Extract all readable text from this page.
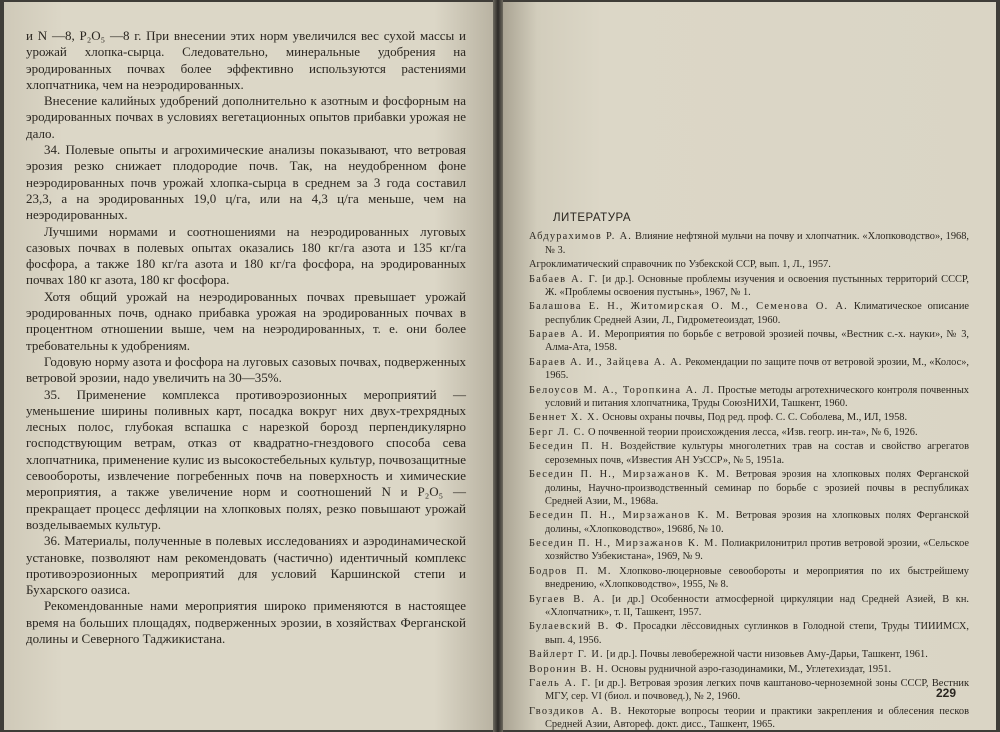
и N —8, P₂O₅ —8 г. При внесении этих норм увеличился вес сухой массы и урожай хлопка-сырца. Следовательно, минеральные удобрения на эродированных почвах более эффективно используются растениями хлопчатника, чем на неэродированных.

Внесение калийных удобрений дополнительно к азотным и фосфорным на эродированных почвах в условиях вегетационных опытов прибавки урожая не дало.

34. Полевые опыты и агрохимические анализы показывают, что ветровая эрозия резко снижает плодородие почв. Так, на неудобренном фоне неэродированных почв урожай хлопка-сырца в среднем за 3 года составил 23,3, а на эродированных 19,0 ц/га, или на 4,3 ц/га меньше, чем на неэродированных.

Лучшими нормами и соотношениями на неэродированных луговых сазовых почвах в полевых опытах оказались 180 кг/га азота и 135 кг/га фосфора, а также 180 кг/га азота и 180 кг/га фосфора, на эродированных почвах 180 кг азота, 180 кг фосфора.

Хотя общий урожай на неэродированных почвах превышает урожай эродированных почв, однако прибавка урожая на эродированных почвах в процентном отношении выше, чем на неэродированных, т. е. они более требовательны к удобрениям.

Годовую норму азота и фосфора на луговых сазовых почвах, подверженных ветровой эрозии, надо увеличить на 30—35%.

35. Применение комплекса противоэрозионных мероприятий — уменьшение ширины поливных карт, посадка вокруг них двух-трехрядных лесных полос, глубокая вспашка с нарезкой борозд перпендикулярно господствующим ветрам, отказ от квадратно-гнездового способа сева хлопчатника, применение кулис из высокостебельных культур, почвозащитные севообороты, извлечение погребенных почв на поверхность и химические мероприятия, а также увеличение норм и соотношений N и P₂O₅ — прекращает процесс дефляции на хлопковых полях, резко повышают урожай возделываемых культур.

36. Материалы, полученные в полевых исследованиях и аэродинамической установке, позволяют нам рекомендовать (частично) идентичный комплекс противоэрозионных мероприятий для условий Каршинской степи и Бухарского оазиса.

Рекомендованные нами мероприятия широко применяются в настоящее время на больших площадях, подверженных эрозии, в хозяйствах Ферганской долины и Северного Таджикистана.

ЛИТЕРАТУРА
Абдурахимов Р. А. Влияние нефтяной мульчи на почву и хлопчатник. «Хлопководство», 1968, № 3.
Агроклиматический справочник по Узбекской ССР, вып. 1, Л., 1957.
Бабаев А. Г. [и др.]. Основные проблемы изучения и освоения пустынных территорий СССР, Ж. «Проблемы освоения пустынь», 1967, № 1.
Балашова Е. Н., Житомирская О. М., Семенова О. А. Климатическое описание республик Средней Азии, Л., Гидрометеоиздат, 1960.
Бараев А. И. Мероприятия по борьбе с ветровой эрозией почвы, «Вестник с.-х. науки», № 3, Алма-Ата, 1958.
Бараев А. И., Зайцева А. А. Рекомендации по защите почв от ветровой эрозии, М., «Колос», 1965.
Белоусов М. А., Торопкина А. Л. Простые методы агротехнического контроля почвенных условий и питания хлопчатника, Труды СоюзНИХИ, Ташкент, 1960.
Беннет Х. Х. Основы охраны почвы, Под ред. проф. С. С. Соболева, М., ИЛ, 1958.
Берг Л. С. О почвенной теории происхождения лесса, «Изв. геогр. ин-та», № 6, 1926.
Беседин П. Н. Воздействие культуры многолетних трав на состав и свойство агрегатов сероземных почв, «Известия АН УзССР», № 5, 1951а.
Беседин П. Н., Мирзажанов К. М. Ветровая эрозия на хлопковых полях Ферганской долины, Научно-производственный семинар по борьбе с эрозией почвы в республиках Средней Азии, М., 1968а.
Беседин П. Н., Мирзажанов К. М. Ветровая эрозия на хлопковых полях Ферганской долины, «Хлопководство», 1968б, № 10.
Беседин П. Н., Мирзажанов К. М. Полиакрилонитрил против ветровой эрозии, «Сельское хозяйство Узбекистана», 1969, № 9.
Бодров П. М. Хлопково-люцерновые севообороты и мероприятия по их быстрейшему внедрению, «Хлопководство», 1955, № 8.
Бугаев В. А. [и др.] Особенности атмосферной циркуляции над Средней Азией, В кн. «Хлопчатник», т. II, Ташкент, 1957.
Булаевский В. Ф. Просадки лёссовидных суглинков в Голодной степи, Труды ТИИИМСХ, вып. 4, 1956.
Вайлерт Г. И. [и др.]. Почвы левобережной части низовьев Аму-Дарьи, Ташкент, 1961.
Воронин В. Н. Основы рудничной аэро-газодинамики, М., Углетехиздат, 1951.
Гаель А. Г. [и др.]. Ветровая эрозия легких почв каштаново-черноземной зоны СССР, Вестник МГУ, сер. VI (биол. и почвовед.), № 2, 1960.
Гвоздиков А. В. Некоторые вопросы теории и практики закрепления и облесения песков Средней Азии, Автореф. докт. дисс., Ташкент, 1965.
229
